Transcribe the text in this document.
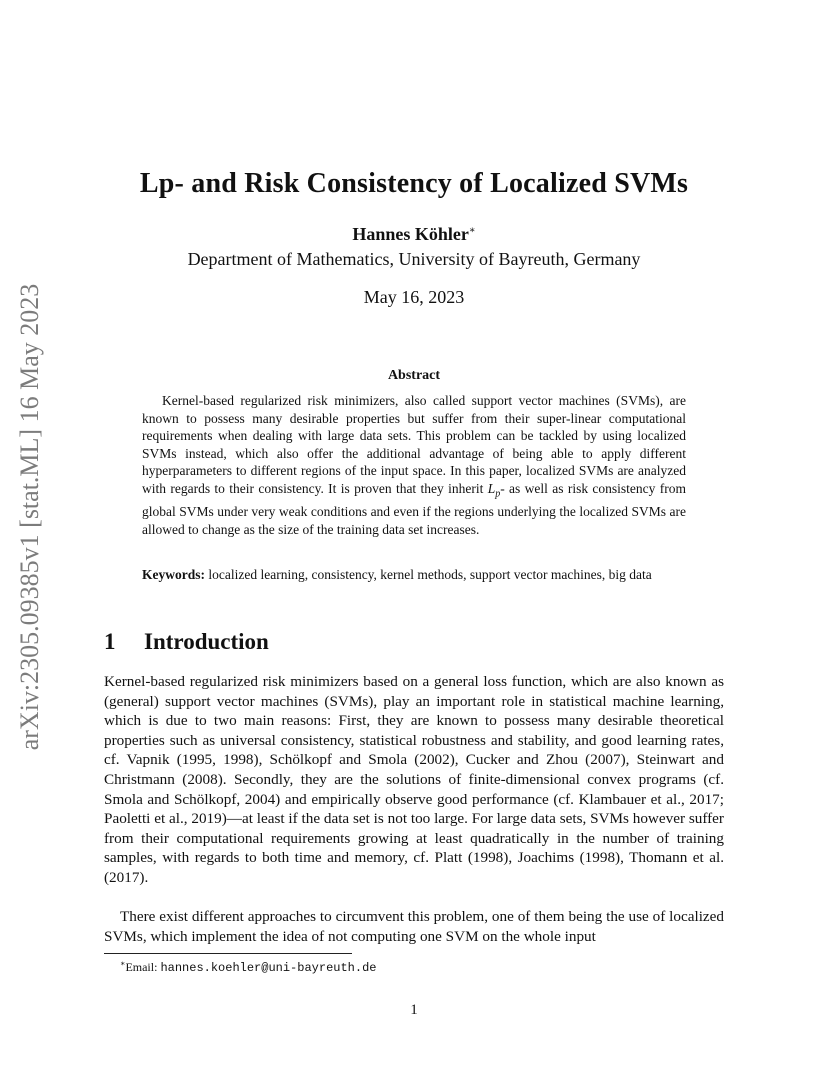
arXiv:2305.09385v1 [stat.ML] 16 May 2023
Lp- and Risk Consistency of Localized SVMs
Hannes Köhler∗
Department of Mathematics, University of Bayreuth, Germany
May 16, 2023
Abstract
Kernel-based regularized risk minimizers, also called support vector machines (SVMs), are known to possess many desirable properties but suffer from their super-linear computational requirements when dealing with large data sets. This problem can be tackled by using localized SVMs instead, which also offer the additional advantage of being able to apply different hyperparameters to different regions of the input space. In this paper, localized SVMs are analyzed with regards to their consistency. It is proven that they inherit $L_p-$ as well as risk consistency from global SVMs under very weak conditions and even if the regions underlying the localized SVMs are allowed to change as the size of the training data set increases.
Keywords: localized learning, consistency, kernel methods, support vector machines, big data
1 Introduction
Kernel-based regularized risk minimizers based on a general loss function, which are also known as (general) support vector machines (SVMs), play an important role in statistical machine learning, which is due to two main reasons: First, they are known to possess many desirable theoretical properties such as universal consistency, statistical robustness and stability, and good learning rates, cf. Vapnik (1995, 1998), Schölkopf and Smola (2002), Cucker and Zhou (2007), Steinwart and Christmann (2008). Secondly, they are the solutions of finite-dimensional convex programs (cf. Smola and Schölkopf, 2004) and empirically observe good performance (cf. Klambauer et al., 2017; Paoletti et al., 2019)—at least if the data set is not too large. For large data sets, SVMs however suffer from their computational requirements growing at least quadratically in the number of training samples, with regards to both time and memory, cf. Platt (1998), Joachims (1998), Thomann et al. (2017).
There exist different approaches to circumvent this problem, one of them being the use of localized SVMs, which implement the idea of not computing one SVM on the whole input
∗Email: hannes.koehler@uni-bayreuth.de
1
